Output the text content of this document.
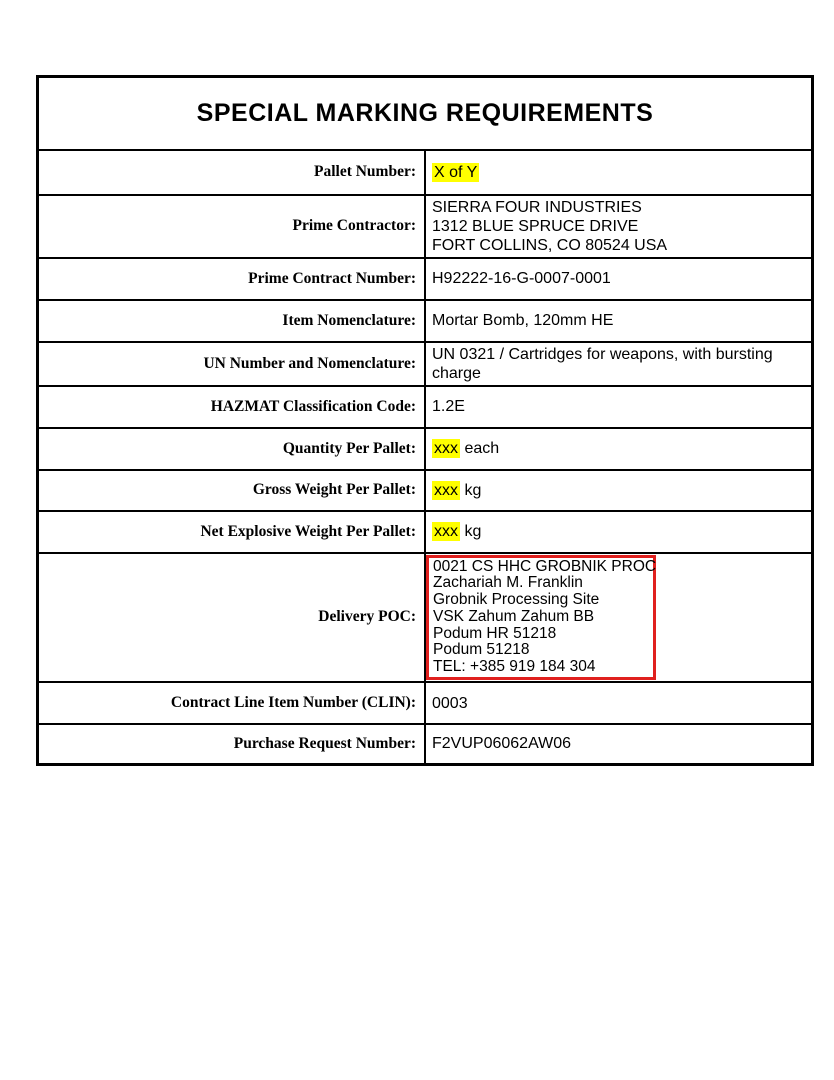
SPECIAL MARKING REQUIREMENTS	
Pallet Number:	X of Y
Prime Contractor:	SIERRA FOUR INDUSTRIES
1312 BLUE SPRUCE DRIVE
FORT COLLINS, CO 80524 USA

Prime Contract Number:	H92222-16-G-0007-0001
Item Nomenclature:	Mortar Bomb, 120mm HE
UN Number and Nomenclature:	UN 0321 / Cartridges for weapons, with bursting charge
HAZMAT Classification Code:	1.2E
Quantity Per Pallet:	xxx each
Gross Weight Per Pallet:	xxx kg
Net Explosive Weight Per Pallet:	xxx kg
Delivery POC:	
0021 CS HHC GROBNIK PROC
Zachariah M. Franklin
Grobnik Processing Site
VSK Zahum Zahum BB
Podum HR 51218
Podum 51218
TEL: +385 919 184 304

Contract Line Item Number (CLIN):	0003
Purchase Request Number:	F2VUP06062AW06
